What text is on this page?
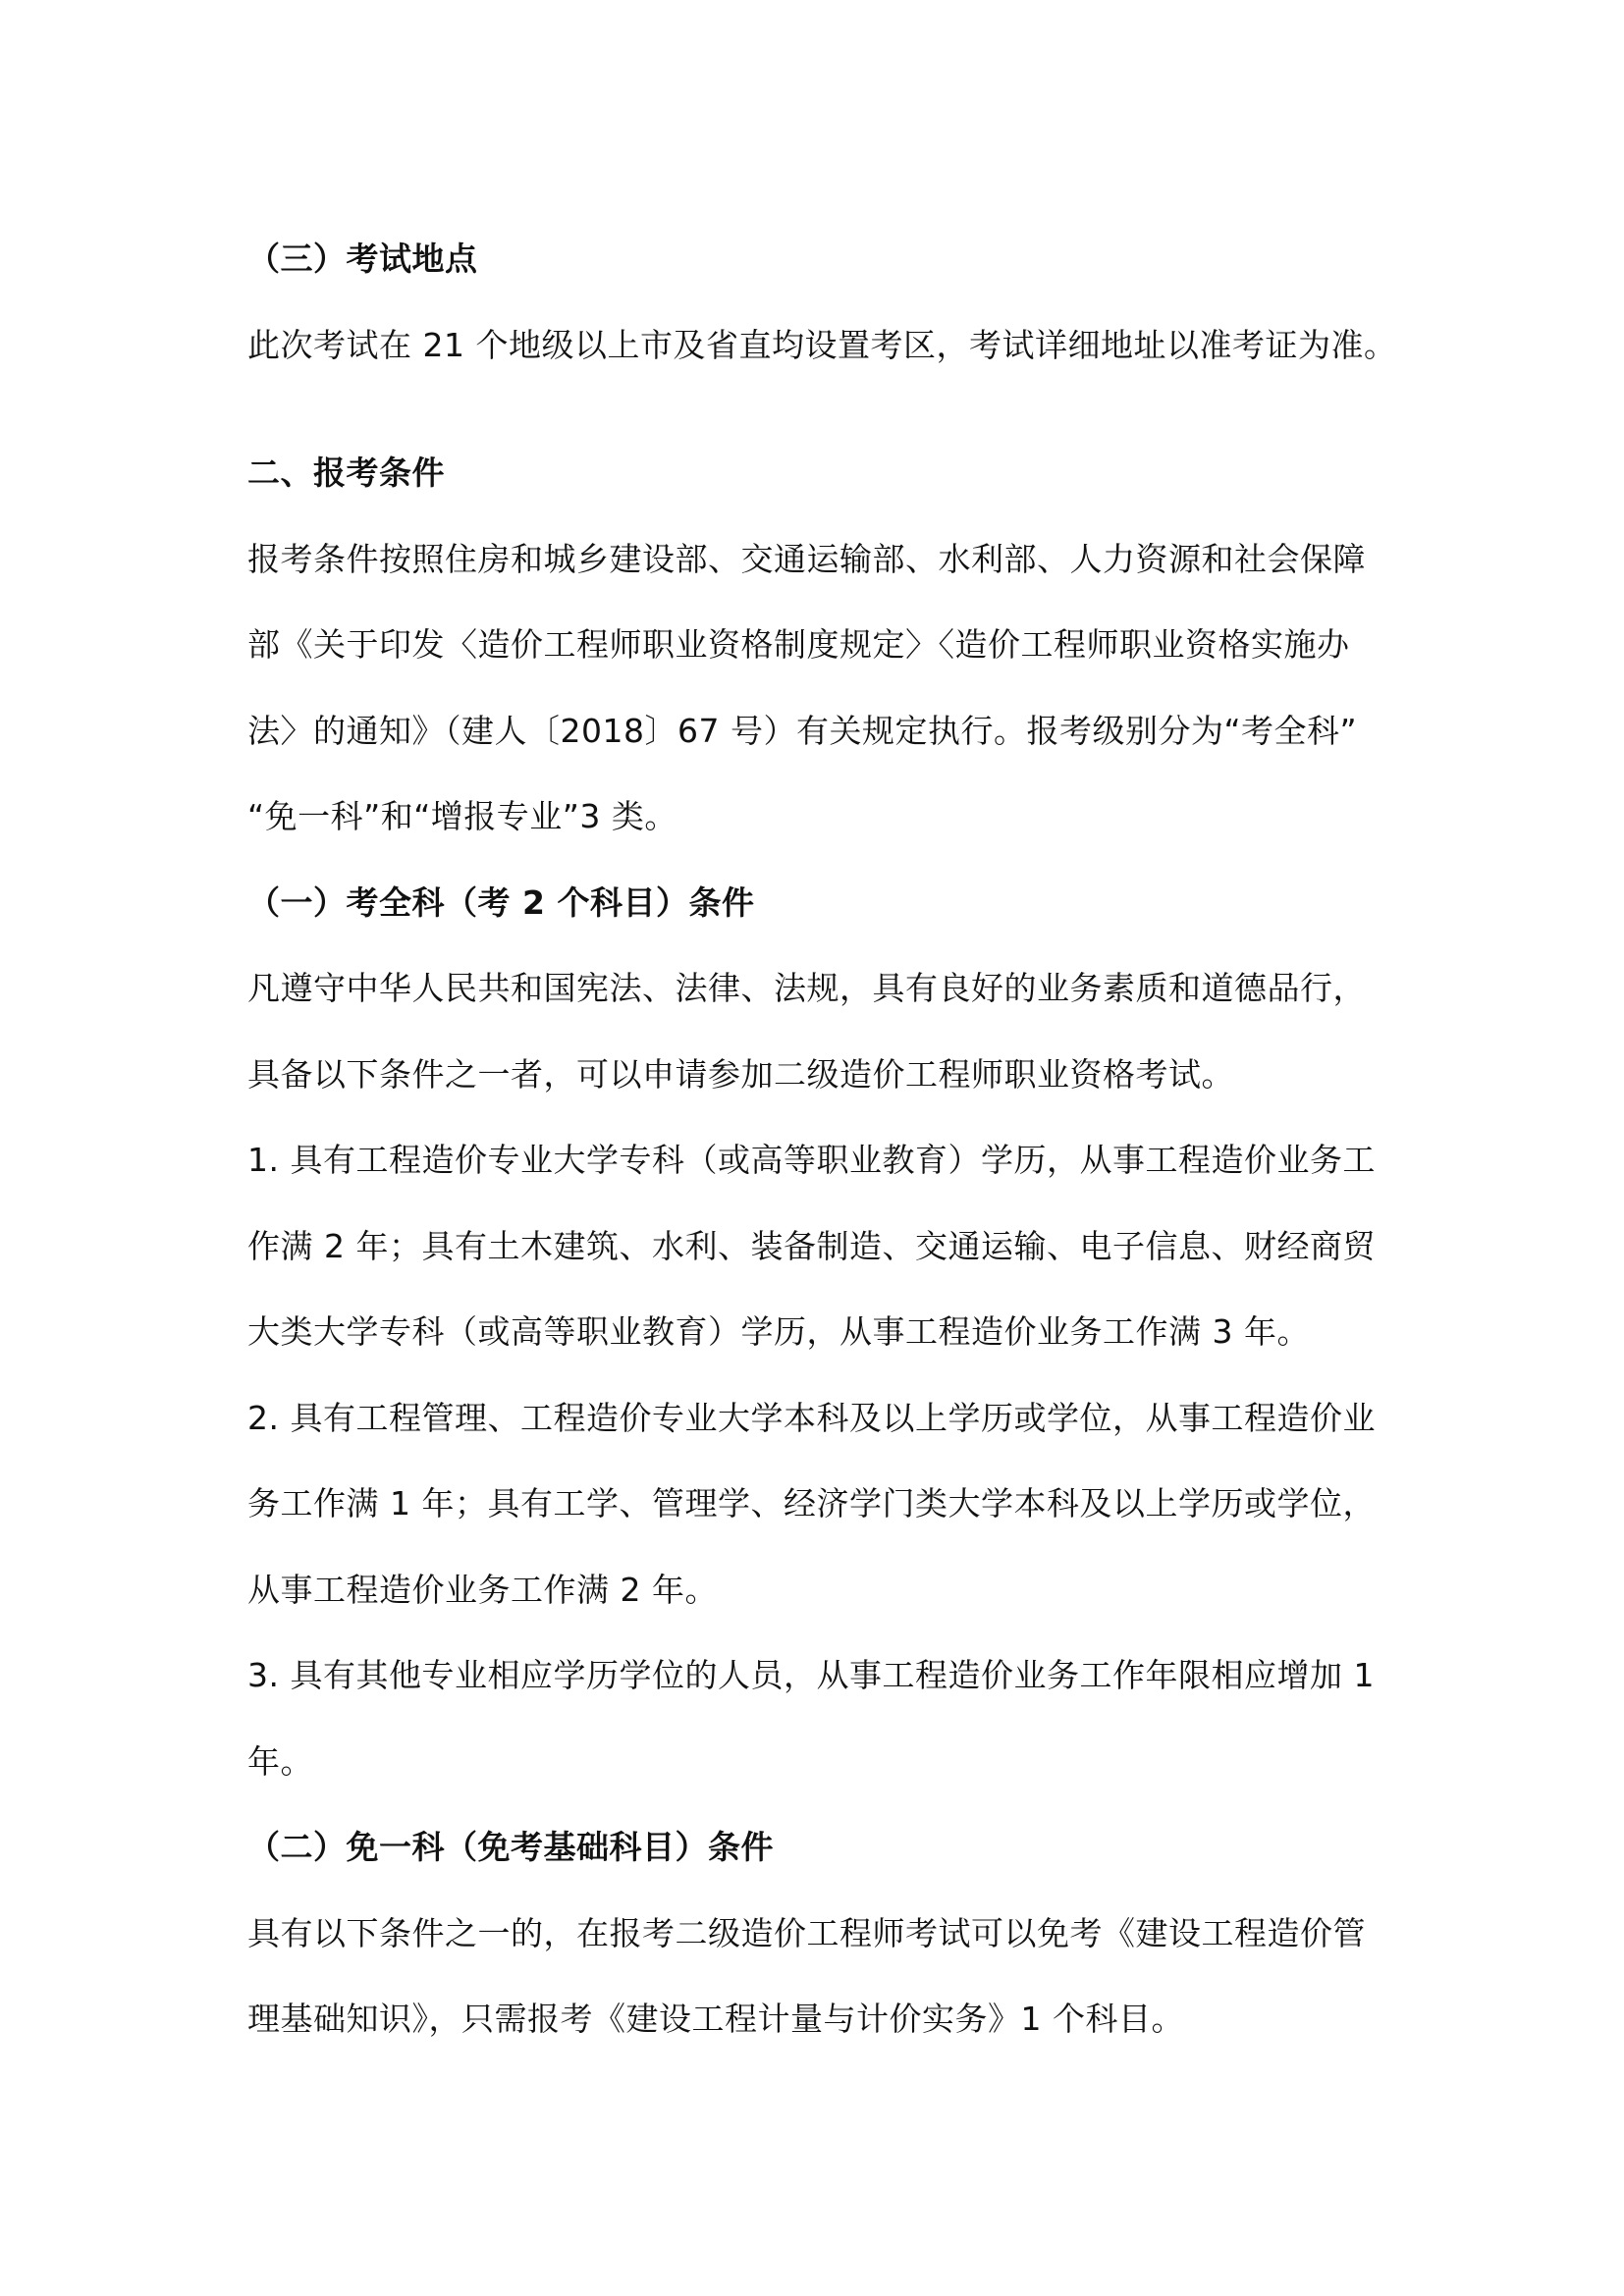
（三）考试地点
此次考试在 21 个地级以上市及省直均设置考区，考试详细地址以准考证为准。
二、报考条件
报考条件按照住房和城乡建设部、交通运输部、水利部、人力资源和社会保障
部《关于印发〈造价工程师职业资格制度规定〉〈造价工程师职业资格实施办
法〉的通知》（建人〔2018〕67 号）有关规定执行。报考级别分为“考全科”
“免一科”和“增报专业”3 类。
（一）考全科（考 2 个科目）条件
凡遵守中华人民共和国宪法、法律、法规，具有良好的业务素质和道德品行，
具备以下条件之一者，可以申请参加二级造价工程师职业资格考试。
1. 具有工程造价专业大学专科（或高等职业教育）学历，从事工程造价业务工
作满 2 年；具有土木建筑、水利、装备制造、交通运输、电子信息、财经商贸
大类大学专科（或高等职业教育）学历，从事工程造价业务工作满 3 年。
2. 具有工程管理、工程造价专业大学本科及以上学历或学位，从事工程造价业
务工作满 1 年；具有工学、管理学、经济学门类大学本科及以上学历或学位，
从事工程造价业务工作满 2 年。
3. 具有其他专业相应学历学位的人员，从事工程造价业务工作年限相应增加 1
年。
（二）免一科（免考基础科目）条件
具有以下条件之一的，在报考二级造价工程师考试可以免考《建设工程造价管
理基础知识》，只需报考《建设工程计量与计价实务》1 个科目。
